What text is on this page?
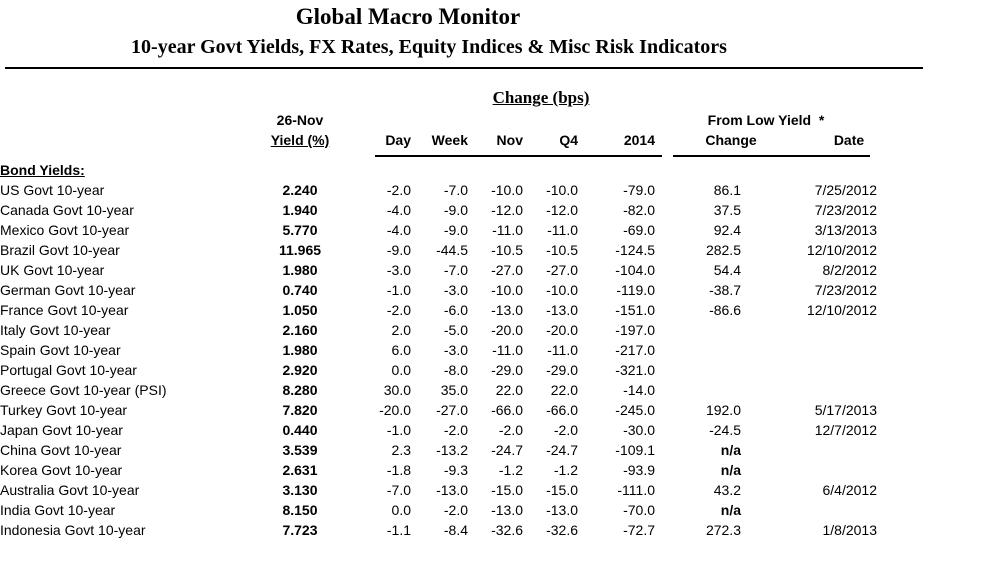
Global Macro Monitor
10-year Govt Yields, FX Rates, Equity Indices & Misc Risk Indicators
Change (bps)
26-Nov
Yield (%)	Day	Week	Nov	Q4	2014
From Low Yield *
Change	Date
Bond Yields:								
US Govt 10-year	2.240	-2.0	-7.0	-10.0	-10.0	-79.0	86.1	7/25/2012
Canada Govt 10-year	1.940	-4.0	-9.0	-12.0	-12.0	-82.0	37.5	7/23/2012
Mexico Govt 10-year	5.770	-4.0	-9.0	-11.0	-11.0	-69.0	92.4	3/13/2013
Brazil Govt 10-year	11.965	-9.0	-44.5	-10.5	-10.5	-124.5	282.5	12/10/2012
UK Govt 10-year	1.980	-3.0	-7.0	-27.0	-27.0	-104.0	54.4	8/2/2012
German Govt 10-year	0.740	-1.0	-3.0	-10.0	-10.0	-119.0	-38.7	7/23/2012
France Govt 10-year	1.050	-2.0	-6.0	-13.0	-13.0	-151.0	-86.6	12/10/2012
Italy Govt 10-year	2.160	2.0	-5.0	-20.0	-20.0	-197.0		
Spain Govt 10-year	1.980	6.0	-3.0	-11.0	-11.0	-217.0		
Portugal Govt 10-year	2.920	0.0	-8.0	-29.0	-29.0	-321.0		
Greece Govt 10-year (PSI)	8.280	30.0	35.0	22.0	22.0	-14.0		
Turkey Govt 10-year	7.820	-20.0	-27.0	-66.0	-66.0	-245.0	192.0	5/17/2013
Japan Govt 10-year	0.440	-1.0	-2.0	-2.0	-2.0	-30.0	-24.5	12/7/2012
China Govt 10-year	3.539	2.3	-13.2	-24.7	-24.7	-109.1	n/a	
Korea Govt 10-year	2.631	-1.8	-9.3	-1.2	-1.2	-93.9	n/a	
Australia Govt 10-year	3.130	-7.0	-13.0	-15.0	-15.0	-111.0	43.2	6/4/2012
India Govt 10-year	8.150	0.0	-2.0	-13.0	-13.0	-70.0	n/a	
Indonesia Govt 10-year	7.723	-1.1	-8.4	-32.6	-32.6	-72.7	272.3	1/8/2013
